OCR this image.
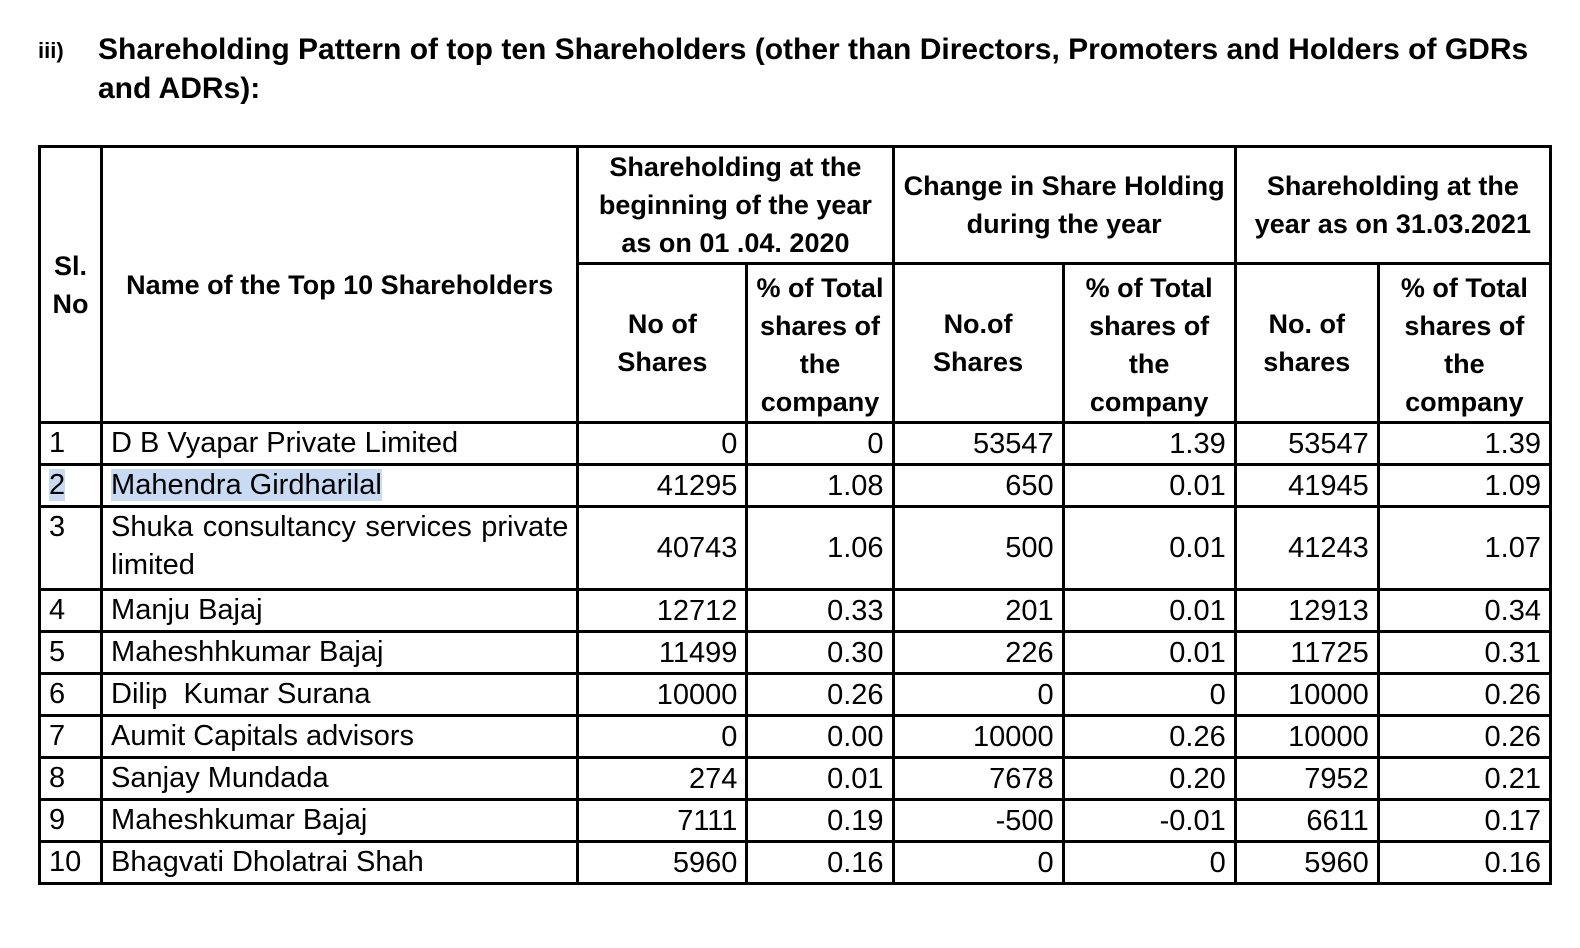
iii)	Shareholding Pattern of top ten Shareholders (other than Directors, Promoters and Holders of GDRs and ADRs):
Sl. No	Name of the Top 10 Shareholders	Shareholding at the beginning of the year as on 01 .04. 2020		Change in Share Holding during the year		Shareholding at the year as on 31.03.2021	
		No of Shares	% of Total shares of the company	No.of Shares	% of Total shares of the company	No. of shares	% of Total shares of the company
1	D B Vyapar Private Limited	0	0	53547	1.39	53547	1.39
2	Mahendra Girdharilal	41295	1.08	650	0.01	41945	1.09
3	Shuka consultancy services private limited	40743	1.06	500	0.01	41243	1.07
4	Manju Bajaj	12712	0.33	201	0.01	12913	0.34
5	Maheshhkumar Bajaj	11499	0.30	226	0.01	11725	0.31
6	Dilip  Kumar Surana	10000	0.26	0	0	10000	0.26
7	Aumit Capitals advisors	0	0.00	10000	0.26	10000	0.26
8	Sanjay Mundada	274	0.01	7678	0.20	7952	0.21
9	Maheshkumar Bajaj	7111	0.19	-500	-0.01	6611	0.17
10	Bhagvati Dholatrai Shah	5960	0.16	0	0	5960	0.16
